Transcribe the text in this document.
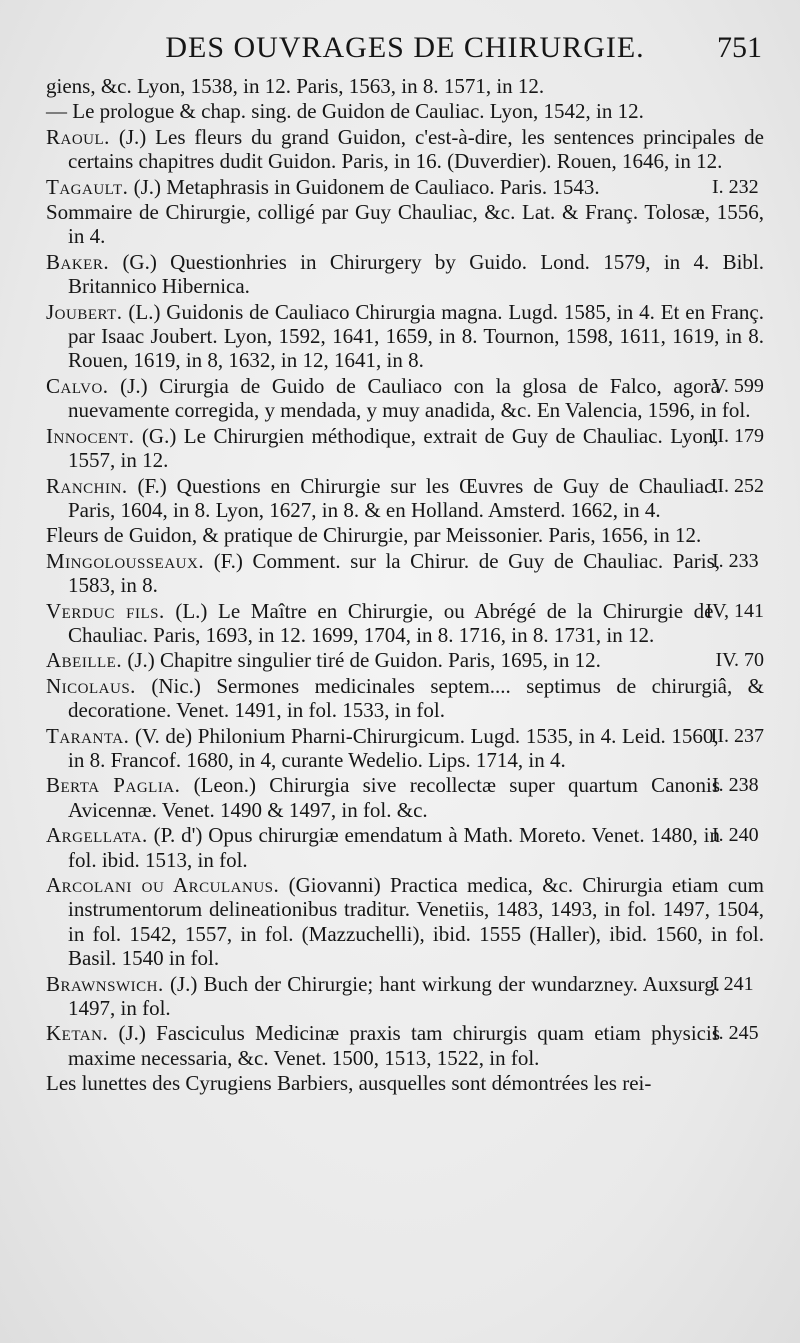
DES OUVRAGES DE CHIRURGIE. 751
giens, &c. Lyon, 1538, in 12. Paris, 1563, in 8. 1571, in 12.
— Le prologue & chap. sing. de Guidon de Cauliac. Lyon, 1542, in 12.
Raoul. (J.) Les fleurs du grand Guidon, c'est-à-dire, les sentences principales de certains chapitres dudit Guidon. Paris, in 16. (Duverdier). Rouen, 1646, in 12.
I. 232
Tagault. (J.) Metaphrasis in Guidonem de Cauliaco. Paris. 1543.
Sommaire de Chirurgie, colligé par Guy Chauliac, &c. Lat. & Franç. Tolosæ, 1556, in 4.
Baker. (G.) Questionhries in Chirurgery by Guido. Lond. 1579, in 4. Bibl. Britannico Hibernica.
Joubert. (L.) Guidonis de Cauliaco Chirurgia magna. Lugd. 1585, in 4. Et en Franç. par Isaac Joubert. Lyon, 1592, 1641, 1659, in 8. Tournon, 1598, 1611, 1619, in 8. Rouen, 1619, in 8, 1632, in 12, 1641, in 8.
V. 599
Calvo. (J.) Cirurgia de Guido de Cauliaco con la glosa de Falco, agora nuevamente corregida, y mendada, y muy anadida, &c. En Valencia, 1596, in fol.
II. 179
Innocent. (G.) Le Chirurgien méthodique, extrait de Guy de Chauliac. Lyon, 1557, in 12.
II. 252
Ranchin. (F.) Questions en Chirurgie sur les Œuvres de Guy de Chauliac. Paris, 1604, in 8. Lyon, 1627, in 8. & en Holland. Amsterd. 1662, in 4.
Fleurs de Guidon, & pratique de Chirurgie, par Meissonier. Paris, 1656, in 12.
I. 233
Mingolousseaux. (F.) Comment. sur la Chirur. de Guy de Chauliac. Paris, 1583, in 8.
IV, 141
Verduc fils. (L.) Le Maître en Chirurgie, ou Abrégé de la Chirurgie de Chauliac. Paris, 1693, in 12. 1699, 1704, in 8. 1716, in 8. 1731, in 12.
IV. 70
Abeille. (J.) Chapitre singulier tiré de Guidon. Paris, 1695, in 12.
Nicolaus. (Nic.) Sermones medicinales septem.... septimus de chirurgiâ, & decoratione. Venet. 1491, in fol. 1533, in fol.
II. 237
Taranta. (V. de) Philonium Pharni-Chirurgicum. Lugd. 1535, in 4. Leid. 1560, in 8. Francof. 1680, in 4, curante Wedelio. Lips. 1714, in 4.
I. 238
Berta Paglia. (Leon.) Chirurgia sive recollectæ super quartum Canonis Avicennæ. Venet. 1490 & 1497, in fol. &c.
I. 240
Argellata. (P. d') Opus chirurgiæ emendatum à Math. Moreto. Venet. 1480, in fol. ibid. 1513, in fol.
Arcolani ou Arculanus. (Giovanni) Practica medica, &c. Chirurgia etiam cum instrumentorum delineationibus traditur. Venetiis, 1483, 1493, in fol. 1497, 1504, in fol. 1542, 1557, in fol. (Mazzuchelli), ibid. 1555 (Haller), ibid. 1560, in fol. Basil. 1540 in fol.
I 241
Brawnswich. (J.) Buch der Chirurgie; hant wirkung der wundarzney. Auxsurg. 1497, in fol.
I. 245
Ketan. (J.) Fasciculus Medicinæ praxis tam chirurgis quam etiam physicis maxime necessaria, &c. Venet. 1500, 1513, 1522, in fol.
Les lunettes des Cyrugiens Barbiers, ausquelles sont démontrées les rei-
